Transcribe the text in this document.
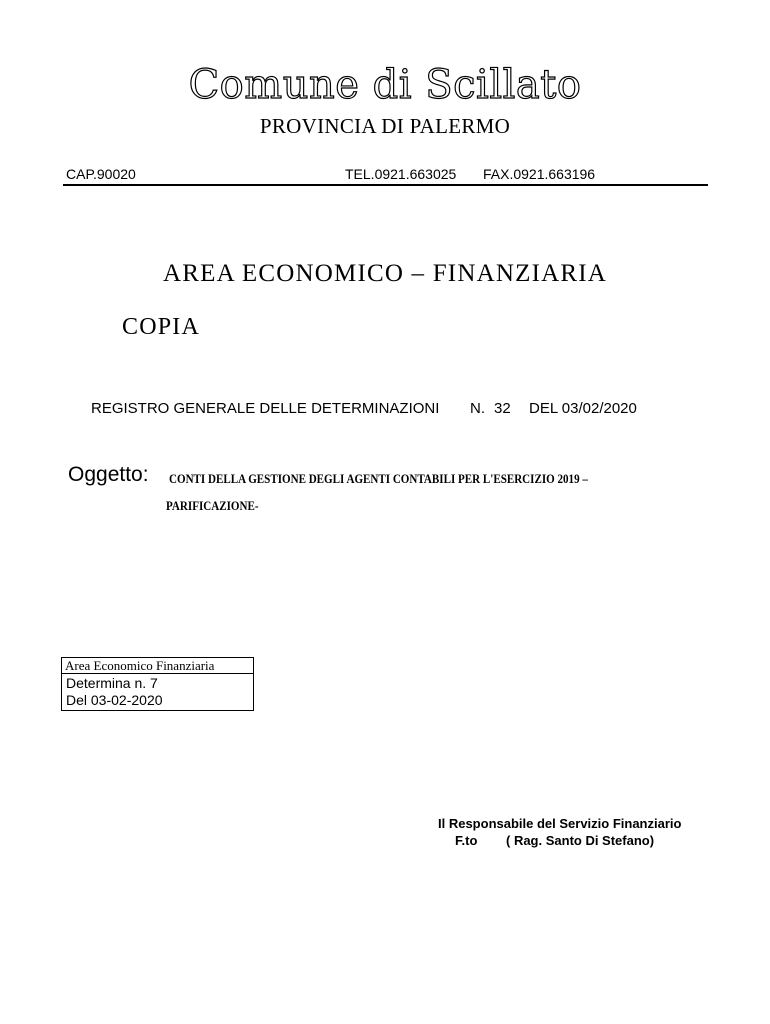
Comune di Scillato
PROVINCIA DI PALERMO
CAP.90020	TEL.0921.663025 FAX.0921.663196
AREA ECONOMICO – FINANZIARIA
COPIA
REGISTRO GENERALE DELLE DETERMINAZIONI N. 32 DEL 03/02/2020
Oggetto: CONTI DELLA GESTIONE DEGLI AGENTI CONTABILI PER L'ESERCIZIO 2019 –
PARIFICAZIONE-
Area Economico Finanziaria
Determina n. 7
Del 03-02-2020
Il Responsabile del Servizio Finanziario
F.to ( Rag. Santo Di Stefano)
